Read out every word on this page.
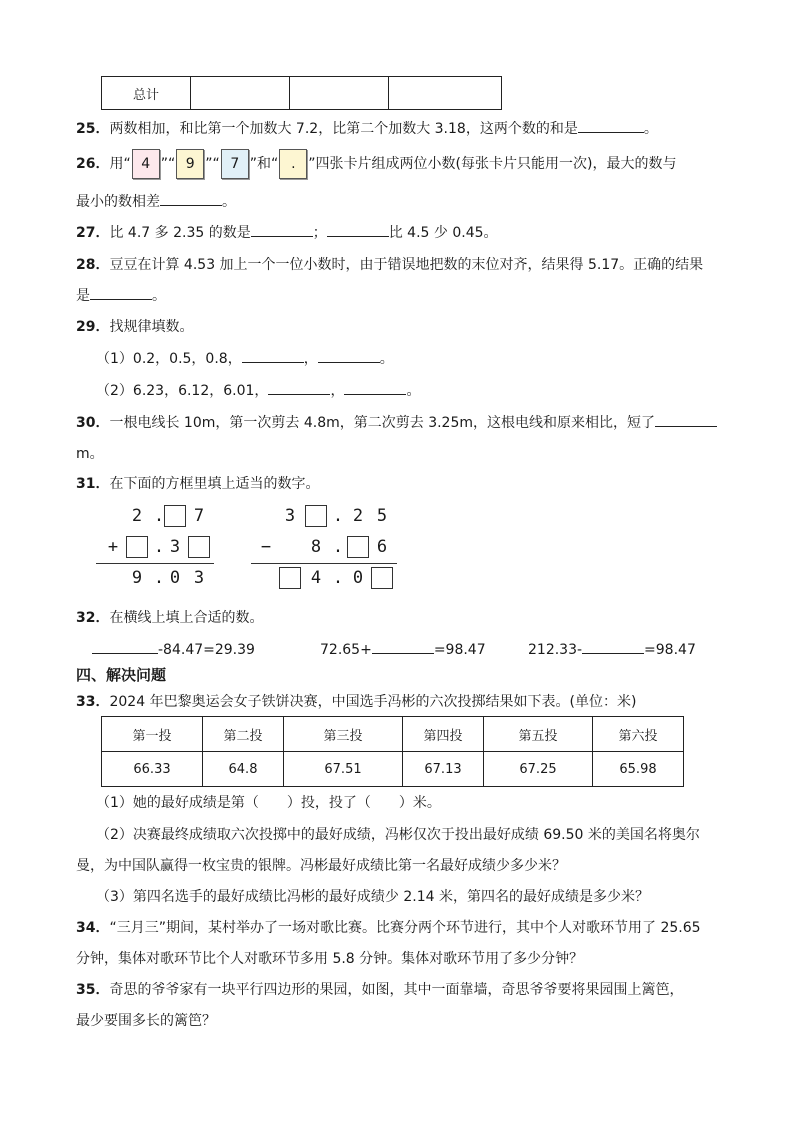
总计			
25．两数相加，和比第一个加数大 7.2，比第二个加数大 3.18，这两个数的和是	。
26．用“ 4 ”“ 9 ”“ 7 ”和“ . ”四张卡片组成两位小数(每张卡片只能用一次)，最大的数与
最小的数相差	。
27．比 4.7 多 2.35 的数是	；	比 4.5 少 0.45。
28．豆豆在计算 4.53 加上一个一位小数时，由于错误地把数的末位对齐，结果得 5.17。正确的结果
是	。
29．找规律填数。
（1）0.2，0.5，0.8，	，	。
（2）6.23，6.12，6.01，	，	。
30．一根电线长 10m，第一次剪去 4.8m，第二次剪去 3.25m，这根电线和原来相比，短了
m。
31．在下面的方框里填上适当的数字。
2 .	7
+	. 3
9 . 0 3
3	. 2 5
−	8 .	6
4 . 0
32．在横线上填上合适的数。
-84.47=29.39	72.65+	=98.47	212.33-	=98.47
四、解决问题
33．2024 年巴黎奥运会女子铁饼决赛，中国选手冯彬的六次投掷结果如下表。(单位：米)
第一投	第二投	第三投	第四投	第五投	第六投
66.33	64.8	67.51	67.13	67.25	65.98
（1）她的最好成绩是第（　　）投，投了（　　）米。
（2）决赛最终成绩取六次投掷中的最好成绩，冯彬仅次于投出最好成绩 69.50 米的美国名将奥尔
曼，为中国队赢得一枚宝贵的银牌。冯彬最好成绩比第一名最好成绩少多少米？
（3）第四名选手的最好成绩比冯彬的最好成绩少 2.14 米，第四名的最好成绩是多少米？
34．“三月三”期间，某村举办了一场对歌比赛。比赛分两个环节进行，其中个人对歌环节用了 25.65
分钟，集体对歌环节比个人对歌环节多用 5.8 分钟。集体对歌环节用了多少分钟？
35．奇思的爷爷家有一块平行四边形的果园，如图，其中一面靠墙，奇思爷爷要将果园围上篱笆，
最少要围多长的篱笆？
